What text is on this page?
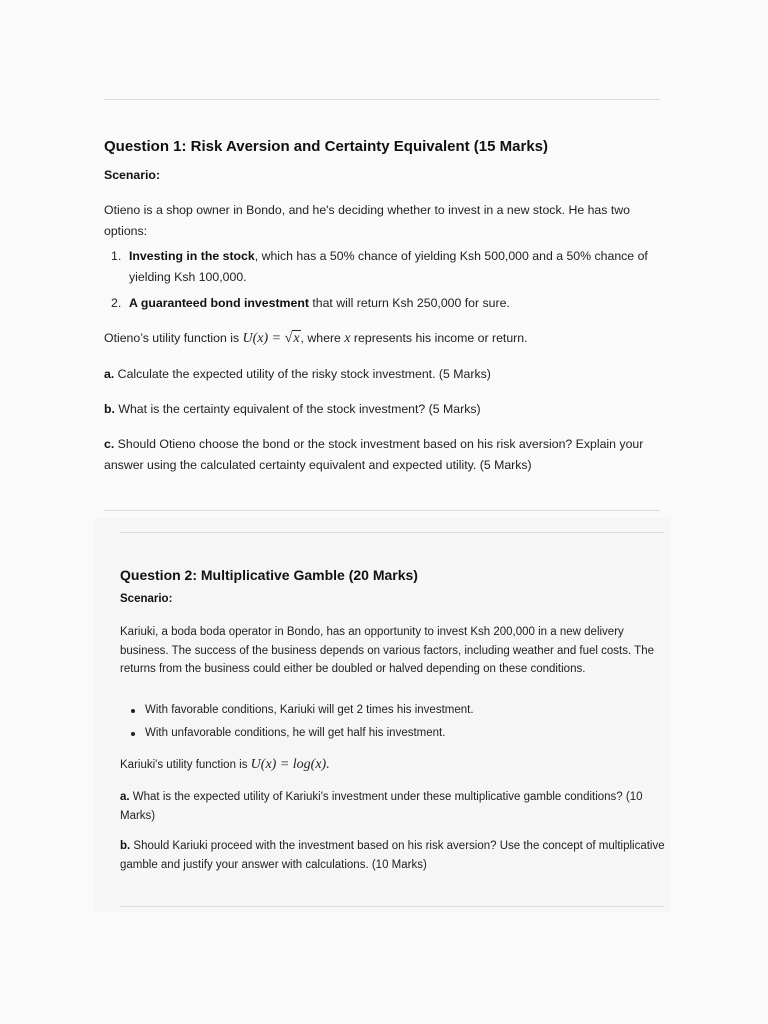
Question 1: Risk Aversion and Certainty Equivalent (15 Marks)
Scenario:

Otieno is a shop owner in Bondo, and he's deciding whether to invest in a new stock. He has two options:

1. Investing in the stock, which has a 50% chance of yielding Ksh 500,000 and a 50% chance of
yielding Ksh 100,000.
2. A guaranteed bond investment that will return Ksh 250,000 for sure.
Otieno’s utility function is U(x) = √x, where x represents his income or return.
a. Calculate the expected utility of the risky stock investment. (5 Marks)
b. What is the certainty equivalent of the stock investment? (5 Marks)
c. Should Otieno choose the bond or the stock investment based on his risk aversion? Explain your answer using the calculated certainty equivalent and expected utility. (5 Marks)
Question 2: Multiplicative Gamble (20 Marks)
Scenario:

Kariuki, a boda boda operator in Bondo, has an opportunity to invest Ksh 200,000 in a new delivery business. The success of the business depends on various factors, including weather and fuel costs. The returns from the business could either be doubled or halved depending on these conditions.

With favorable conditions, Kariuki will get 2 times his investment.
With unfavorable conditions, he will get half his investment.
Kariuki's utility function is U(x) = log(x).
a. What is the expected utility of Kariuki's investment under these multiplicative gamble conditions? (10 Marks)
b. Should Kariuki proceed with the investment based on his risk aversion? Use the concept of multiplicative gamble and justify your answer with calculations. (10 Marks)
